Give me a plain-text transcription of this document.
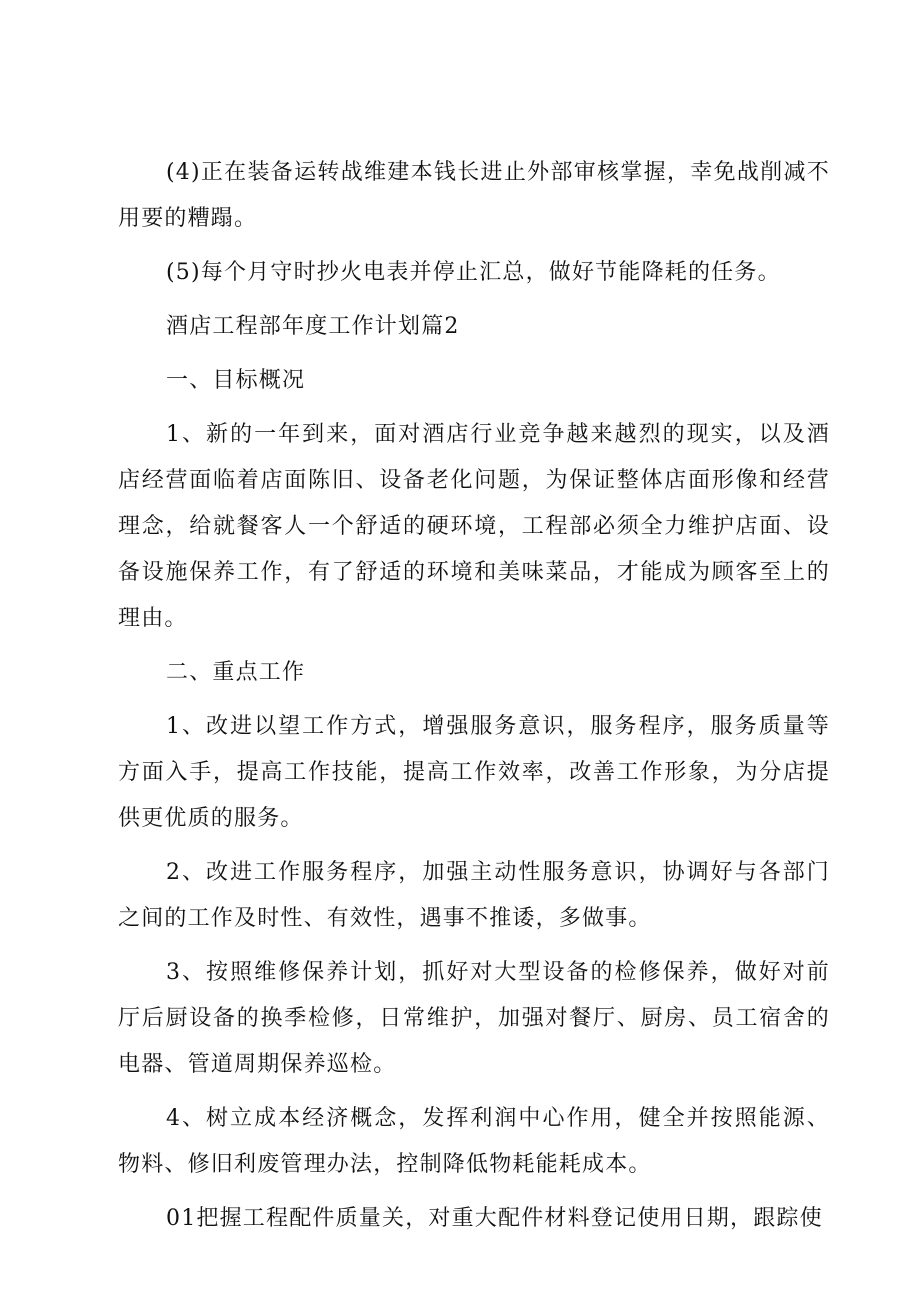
(4)正在装备运转战维建本钱长进止外部审核掌握，幸免战削减不用要的糟蹋。

(5)每个月守时抄火电表并停止汇总，做好节能降耗的任务。

酒店工程部年度工作计划篇2

一、目标概况

1、新的一年到来，面对酒店行业竞争越来越烈的现实，以及酒店经营面临着店面陈旧、设备老化问题，为保证整体店面形像和经营理念，给就餐客人一个舒适的硬环境，工程部必须全力维护店面、设备设施保养工作，有了舒适的环境和美味菜品，才能成为顾客至上的理由。

二、重点工作

1、改进以望工作方式，增强服务意识，服务程序，服务质量等方面入手，提高工作技能，提高工作效率，改善工作形象，为分店提供更优质的服务。

2、改进工作服务程序，加强主动性服务意识，协调好与各部门之间的工作及时性、有效性，遇事不推诿，多做事。

3、按照维修保养计划，抓好对大型设备的检修保养，做好对前厅后厨设备的换季检修，日常维护，加强对餐厅、厨房、员工宿舍的电器、管道周期保养巡检。

4、树立成本经济概念，发挥利润中心作用，健全并按照能源、物料、修旧利废管理办法，控制降低物耗能耗成本。

01把握工程配件质量关，对重大配件材料登记使用日期，跟踪使
